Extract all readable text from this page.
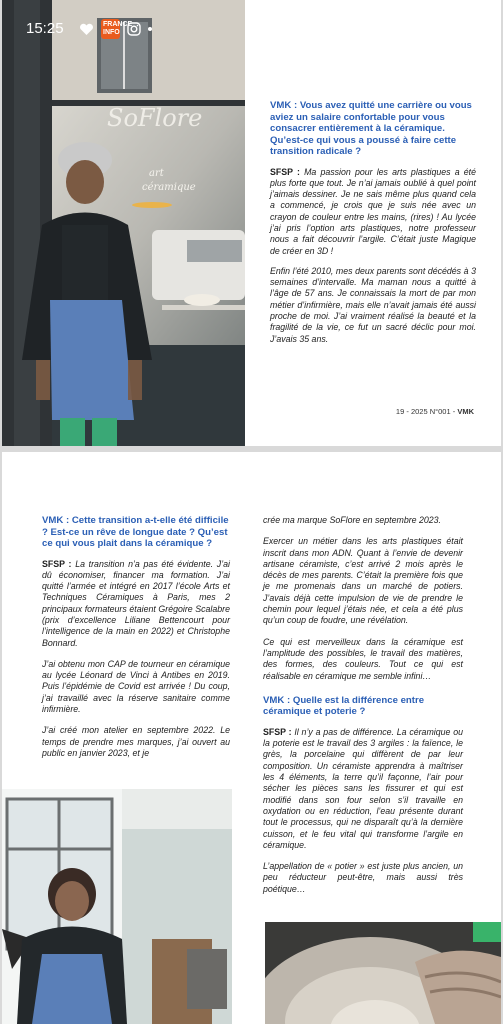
15:25	FRANCE INFO
SoFlore
art
céramique

VMK : Vous avez quitté une carrière ou vous aviez un salaire confortable pour vous consacrer entièrement à la céramique. Qu’est-ce qui vous a poussé à faire cette transition radicale ?

SFSP : Ma passion pour les arts plastiques a été plus forte que tout. Je n’ai jamais oublié à quel point j’aimais dessiner. Je ne sais même plus quand cela a commencé, je crois que je suis née avec un crayon de couleur entre les mains, (rires) ! Au lycée j’ai pris l’option arts plastiques, notre professeur nous a fait découvrir l’argile. C’était juste Magique de créer en 3D !

Enfin l’été 2010, mes deux parents sont décédés à 3 semaines d’intervalle. Ma maman nous a quitté à l’âge de 57 ans. Je connaissais la mort de par mon métier d’infirmière, mais elle n’avait jamais été aussi proche de moi. J’ai vraiment réalisé la beauté et la fragilité de la vie, ce fut un sacré déclic pour moi. J’avais 35 ans.

19 - 2025 N°001 - VMK

VMK : Cette transition a-t-elle été difficile ? Est-ce un rêve de longue date ? Qu’est ce qui vous plait dans la céramique ?

SFSP : La transition n’a pas été évidente. J’ai dû économiser, financer ma formation. J’ai quitté l’armée et intégré en 2017 l’école Arts et Techniques Céramiques à Paris, mes 2 principaux formateurs étaient Grégoire Scalabre (prix d’excellence Liliane Bettencourt pour l’intelligence de la main en 2022) et Christophe Bonnard.

J’ai obtenu mon CAP de tourneur en céramique au lycée Léonard de Vinci à Antibes en 2019. Puis l’épidémie de Covid est arrivée ! Du coup, j’ai travaillé avec la réserve sanitaire comme infirmière.

J’ai créé mon atelier en septembre 2022. Le temps de prendre mes marques, j’ai ouvert au public en janvier 2023, et je

crée ma marque SoFlore en septembre 2023.

Exercer un métier dans les arts plastiques était inscrit dans mon ADN. Quant à l’envie de devenir artisane céramiste, c’est arrivé 2 mois après le décès de mes parents. C’était la première fois que je me promenais dans un marché de potiers. J’avais déjà cette impulsion de vie de prendre le chemin pour lequel j’étais née, et cela a été plus qu’un coup de foudre, une révélation.

Ce qui est merveilleux dans la céramique est l’amplitude des possibles, le travail des matières, des formes, des couleurs. Tout ce qui est réalisable en céramique me semble infini…

VMK : Quelle est la différence entre céramique et poterie ?

SFSP : Il n’y a pas de différence. La céramique ou la poterie est le travail des 3 argiles : la faïence, le grès, la porcelaine qui diffèrent de par leur composition. Un céramiste apprendra à maîtriser les 4 éléments, la terre qu’il façonne, l’air pour sécher les pièces sans les fissurer et qui est modifié dans son four selon s’il travaille en oxydation ou en réduction, l’eau présente durant tout le processus, qui ne disparaît qu’à la dernière cuisson, et le feu vital qui transforme l’argile en céramique.

L’appellation de « potier » est juste plus ancien, un peu réducteur peut-être, mais aussi très poétique…
